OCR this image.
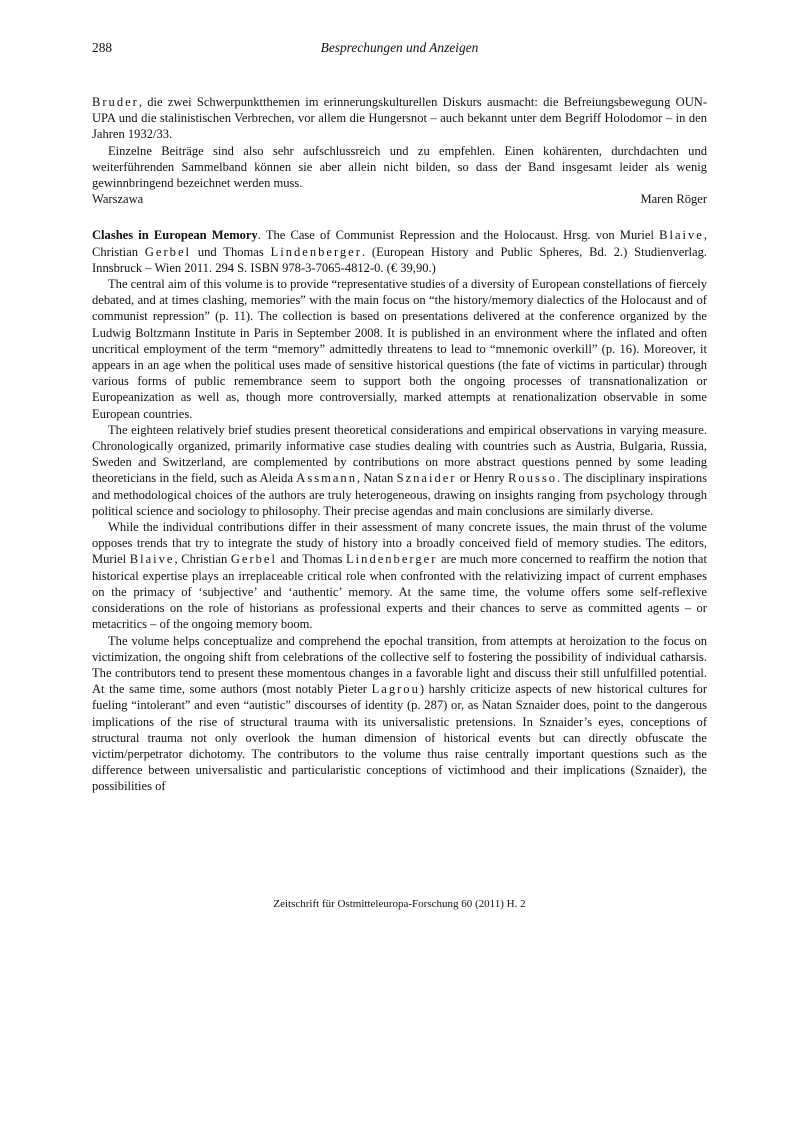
288	Besprechungen und Anzeigen

Bruder, die zwei Schwerpunktthemen im erinnerungskulturellen Diskurs ausmacht: die Befreiungsbewegung OUN-UPA und die stalinistischen Verbrechen, vor allem die Hungersnot – auch bekannt unter dem Begriff Holodomor – in den Jahren 1932/33.

Einzelne Beiträge sind also sehr aufschlussreich und zu empfehlen. Einen kohärenten, durchdachten und weiterführenden Sammelband können sie aber allein nicht bilden, so dass der Band insgesamt leider als wenig gewinnbringend bezeichnet werden muss.

Warszawa	Maren Röger

Clashes in European Memory. The Case of Communist Repression and the Holocaust. Hrsg. von Muriel Blaive, Christian Gerbel und Thomas Lindenberger. (European History and Public Spheres, Bd. 2.) Studienverlag. Innsbruck – Wien 2011. 294 S. ISBN 978-3-7065-4812-0. (€ 39,90.)

The central aim of this volume is to provide “representative studies of a diversity of European constellations of fiercely debated, and at times clashing, memories” with the main focus on “the history/memory dialectics of the Holocaust and of communist repression” (p. 11). The collection is based on presentations delivered at the conference organized by the Ludwig Boltzmann Institute in Paris in September 2008. It is published in an environment where the inflated and often uncritical employment of the term “memory” admittedly threatens to lead to “mnemonic overkill” (p. 16). Moreover, it appears in an age when the political uses made of sensitive historical questions (the fate of victims in particular) through various forms of public remembrance seem to support both the ongoing processes of transnationalization or Europeanization as well as, though more controversially, marked attempts at renationalization observable in some European countries.

The eighteen relatively brief studies present theoretical considerations and empirical observations in varying measure. Chronologically organized, primarily informative case studies dealing with countries such as Austria, Bulgaria, Russia, Sweden and Switzerland, are complemented by contributions on more abstract questions penned by some leading theoreticians in the field, such as Aleida Assmann, Natan Sznaider or Henry Rousso. The disciplinary inspirations and methodological choices of the authors are truly heterogeneous, drawing on insights ranging from psychology through political science and sociology to philosophy. Their precise agendas and main conclusions are similarly diverse.

While the individual contributions differ in their assessment of many concrete issues, the main thrust of the volume opposes trends that try to integrate the study of history into a broadly conceived field of memory studies. The editors, Muriel Blaive, Christian Gerbel and Thomas Lindenberger are much more concerned to reaffirm the notion that historical expertise plays an irreplaceable critical role when confronted with the relativizing impact of current emphases on the primacy of ‘subjective’ and ‘authentic’ memory. At the same time, the volume offers some self-reflexive considerations on the role of historians as professional experts and their chances to serve as committed agents – or metacritics – of the ongoing memory boom.

The volume helps conceptualize and comprehend the epochal transition, from attempts at heroization to the focus on victimization, the ongoing shift from celebrations of the collective self to fostering the possibility of individual catharsis. The contributors tend to present these momentous changes in a favorable light and discuss their still unfulfilled potential. At the same time, some authors (most notably Pieter Lagrou) harshly criticize aspects of new historical cultures for fueling “intolerant” and even “autistic” discourses of identity (p. 287) or, as Natan Sznaider does, point to the dangerous implications of the rise of structural trauma with its universalistic pretensions. In Sznaider’s eyes, conceptions of structural trauma not only overlook the human dimension of historical events but can directly obfuscate the victim/perpetrator dichotomy. The contributors to the volume thus raise centrally important questions such as the difference between universalistic and particularistic conceptions of victimhood and their implications (Sznaider), the possibilities of

Zeitschrift für Ostmitteleuropa-Forschung 60 (2011) H. 2
